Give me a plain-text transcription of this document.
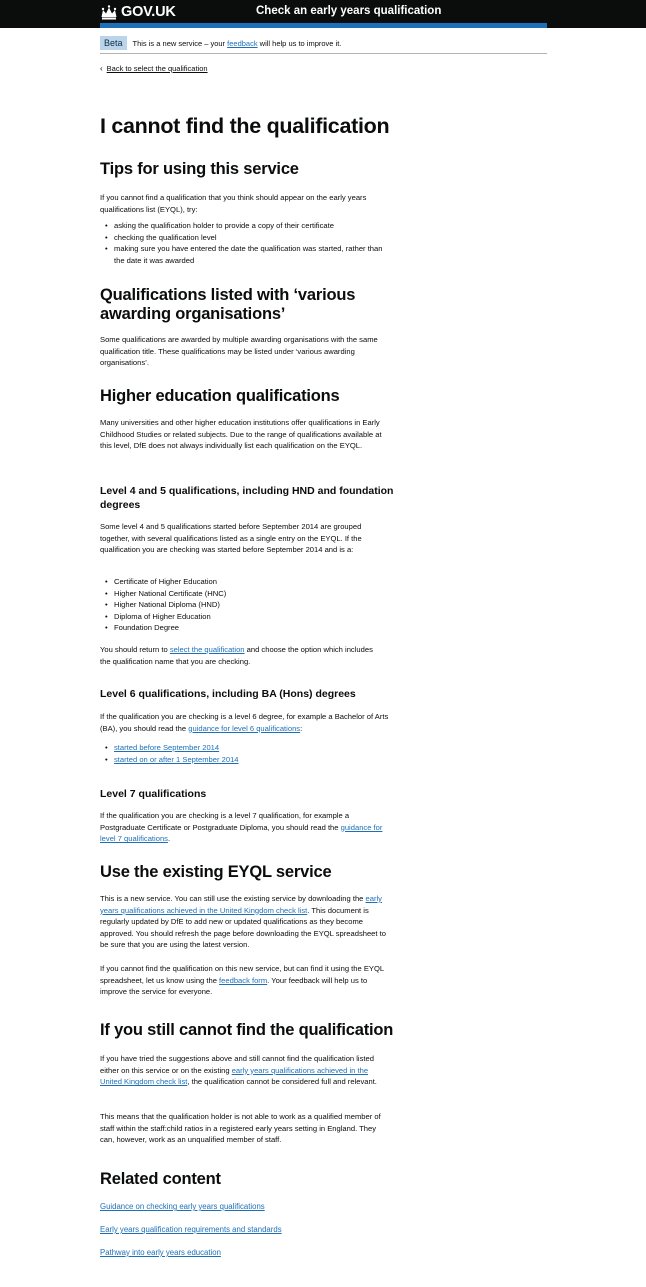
GOV.UK	Check an early years qualification
Beta	This is a new service – your feedback will help us to improve it.
‹ Back to select the qualification
I cannot find the qualification
Tips for using this service
If you cannot find a qualification that you think should appear on the early years qualifications list (EYQL), try:
• asking the qualification holder to provide a copy of their certificate
• checking the qualification level
• making sure you have entered the date the qualification was started, rather than the date it was awarded
Qualifications listed with ‘various awarding organisations’
Some qualifications are awarded by multiple awarding organisations with the same qualification title. These qualifications may be listed under ‘various awarding organisations’.
Higher education qualifications
Many universities and other higher education institutions offer qualifications in Early Childhood Studies or related subjects. Due to the range of qualifications available at this level, DfE does not always individually list each qualification on the EYQL.
Level 4 and 5 qualifications, including HND and foundation degrees
Some level 4 and 5 qualifications started before September 2014 are grouped together, with several qualifications listed as a single entry on the EYQL. If the qualification you are checking was started before September 2014 and is a:
• Certificate of Higher Education
• Higher National Certificate (HNC)
• Higher National Diploma (HND)
• Diploma of Higher Education
• Foundation Degree
You should return to select the qualification and choose the option which includes the qualification name that you are checking.
Level 6 qualifications, including BA (Hons) degrees
If the qualification you are checking is a level 6 degree, for example a Bachelor of Arts (BA), you should read the guidance for level 6 qualifications:
• started before September 2014
• started on or after 1 September 2014
Level 7 qualifications
If the qualification you are checking is a level 7 qualification, for example a Postgraduate Certificate or Postgraduate Diploma, you should read the guidance for level 7 qualifications.
Use the existing EYQL service
This is a new service. You can still use the existing service by downloading the early years qualifications achieved in the United Kingdom check list. This document is regularly updated by DfE to add new or updated qualifications as they become approved. You should refresh the page before downloading the EYQL spreadsheet to be sure that you are using the latest version.
If you cannot find the qualification on this new service, but can find it using the EYQL spreadsheet, let us know using the feedback form. Your feedback will help us to improve the service for everyone.
If you still cannot find the qualification
If you have tried the suggestions above and still cannot find the qualification listed either on this service or on the existing early years qualifications achieved in the United Kingdom check list, the qualification cannot be considered full and relevant.
This means that the qualification holder is not able to work as a qualified member of staff within the staff:child ratios in a registered early years setting in England. They can, however, work as an unqualified member of staff.
Related content
Guidance on checking early years qualifications
Early years qualification requirements and standards
Pathway into early years education
